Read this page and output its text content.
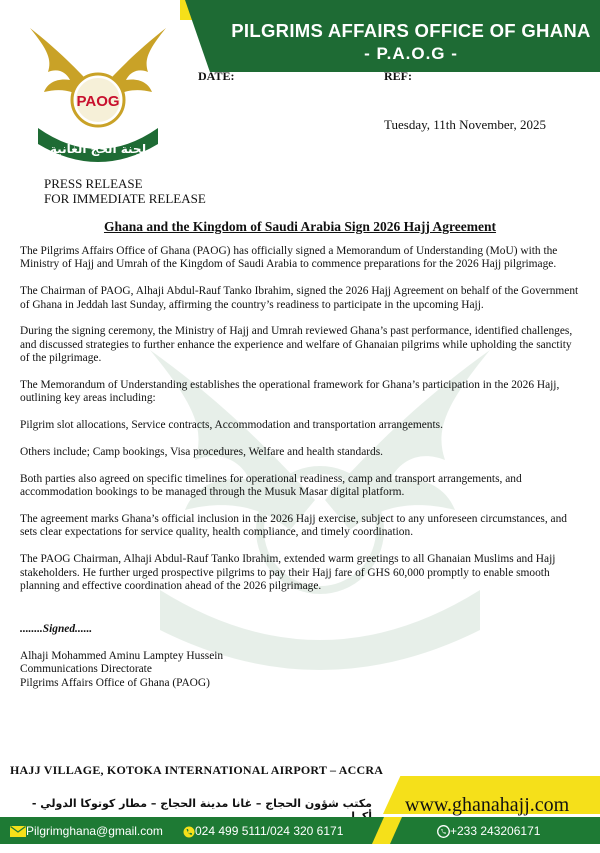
PILGRIMS AFFAIRS OFFICE OF GHANA
- P.A.O.G -
PAOG
لجنة الحج الغانية
DATE:	REF:
Tuesday, 11th November, 2025
PRESS RELEASE
FOR IMMEDIATE RELEASE
Ghana and the Kingdom of Saudi Arabia Sign 2026 Hajj Agreement

The Pilgrims Affairs Office of Ghana (PAOG) has officially signed a Memorandum of Understanding (MoU) with the Ministry of Hajj and Umrah of the Kingdom of Saudi Arabia to commence preparations for the 2026 Hajj pilgrimage.

The Chairman of PAOG, Alhaji Abdul-Rauf Tanko Ibrahim, signed the 2026 Hajj Agreement on behalf of the Government of Ghana in Jeddah last Sunday, affirming the country’s readiness to participate in the upcoming Hajj.

During the signing ceremony, the Ministry of Hajj and Umrah reviewed Ghana’s past performance, identified challenges, and discussed strategies to further enhance the experience and welfare of Ghanaian pilgrims while upholding the sanctity of the pilgrimage.

The Memorandum of Understanding establishes the operational framework for Ghana’s participation in the 2026 Hajj, outlining key areas including:

Pilgrim slot allocations, Service contracts, Accommodation and transportation arrangements.

Others include; Camp bookings, Visa procedures, Welfare and health standards.

Both parties also agreed on specific timelines for operational readiness, camp and transport arrangements, and accommodation bookings to be managed through the Musuk Masar digital platform.

The agreement marks Ghana’s official inclusion in the 2026 Hajj exercise, subject to any unforeseen circumstances, and sets clear expectations for service quality, health compliance, and timely coordination.

The PAOG Chairman, Alhaji Abdul-Rauf Tanko Ibrahim, extended warm greetings to all Ghanaian Muslims and Hajj stakeholders. He further urged prospective pilgrims to pay their Hajj fare of GHS 60,000 promptly to enable smooth planning and effective coordination ahead of the 2026 pilgrimage.

........Signed......
Alhaji Mohammed Aminu Lamptey Hussein
Communications Directorate
Pilgrims Affairs Office of Ghana (PAOG)
HAJJ VILLAGE, KOTOKA INTERNATIONAL AIRPORT – ACCRA
مكتب شؤون الحجاج – غانا مدينة الحجاج – مطار كوتوكا الدولي -	www.ghanahajj.com
Pilgrimghana@gmail.com	024 499 5111/024 320 6171	+233 243206171
